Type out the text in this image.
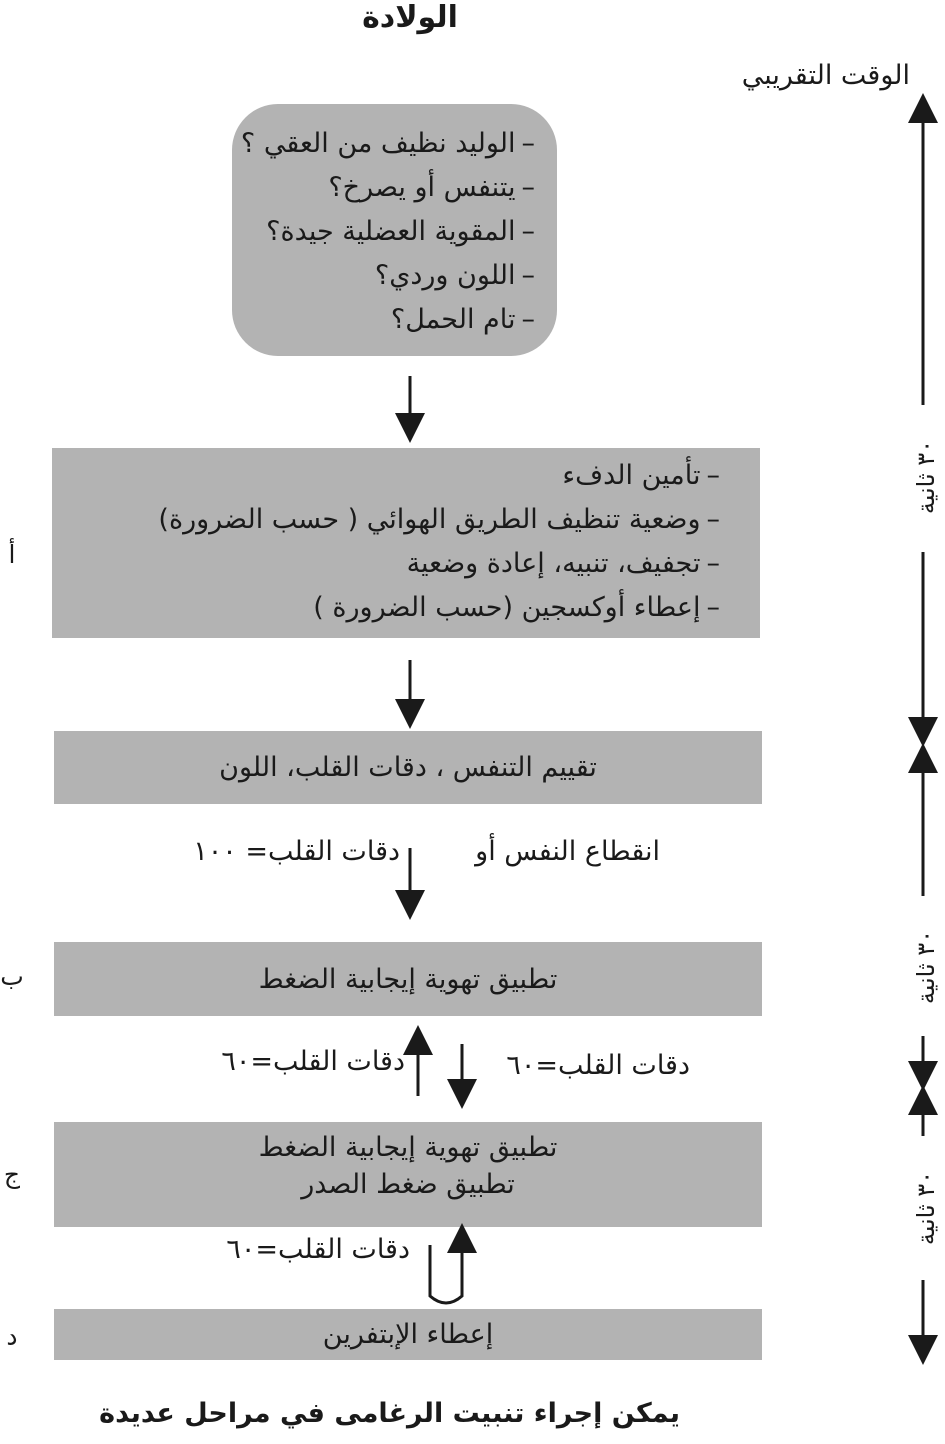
الولادة
الوقت التقريبي
–الوليد نظيف من العقي ؟
–يتنفس أو يصرخ؟
–المقوية العضلية جيدة؟
–اللون وردي؟
–تام الحمل؟
–تأمين الدفء
–وضعية تنظيف الطريق الهوائي ( حسب الضرورة)
–تجفيف، تنبيه، إعادة وضعية
–إعطاء أوكسجين (حسب الضرورة )
أ
تقييم التنفس ، دقات القلب، اللون
دقات القلب= ١٠٠	انقطاع النفس أو
تطبيق تهوية إيجابية الضغط
ب
دقات القلب=٦٠	دقات القلب=٦٠
تطبيق تهوية إيجابية الضغط
تطبيق ضغط الصدر
ج
دقات القلب=٦٠
إعطاء الإبتفرين
د
يمكن إجراء تنبيت الرغامى في مراحل عديدة
٣٠ ثانية
٣٠ ثانية
٣٠ ثانية
